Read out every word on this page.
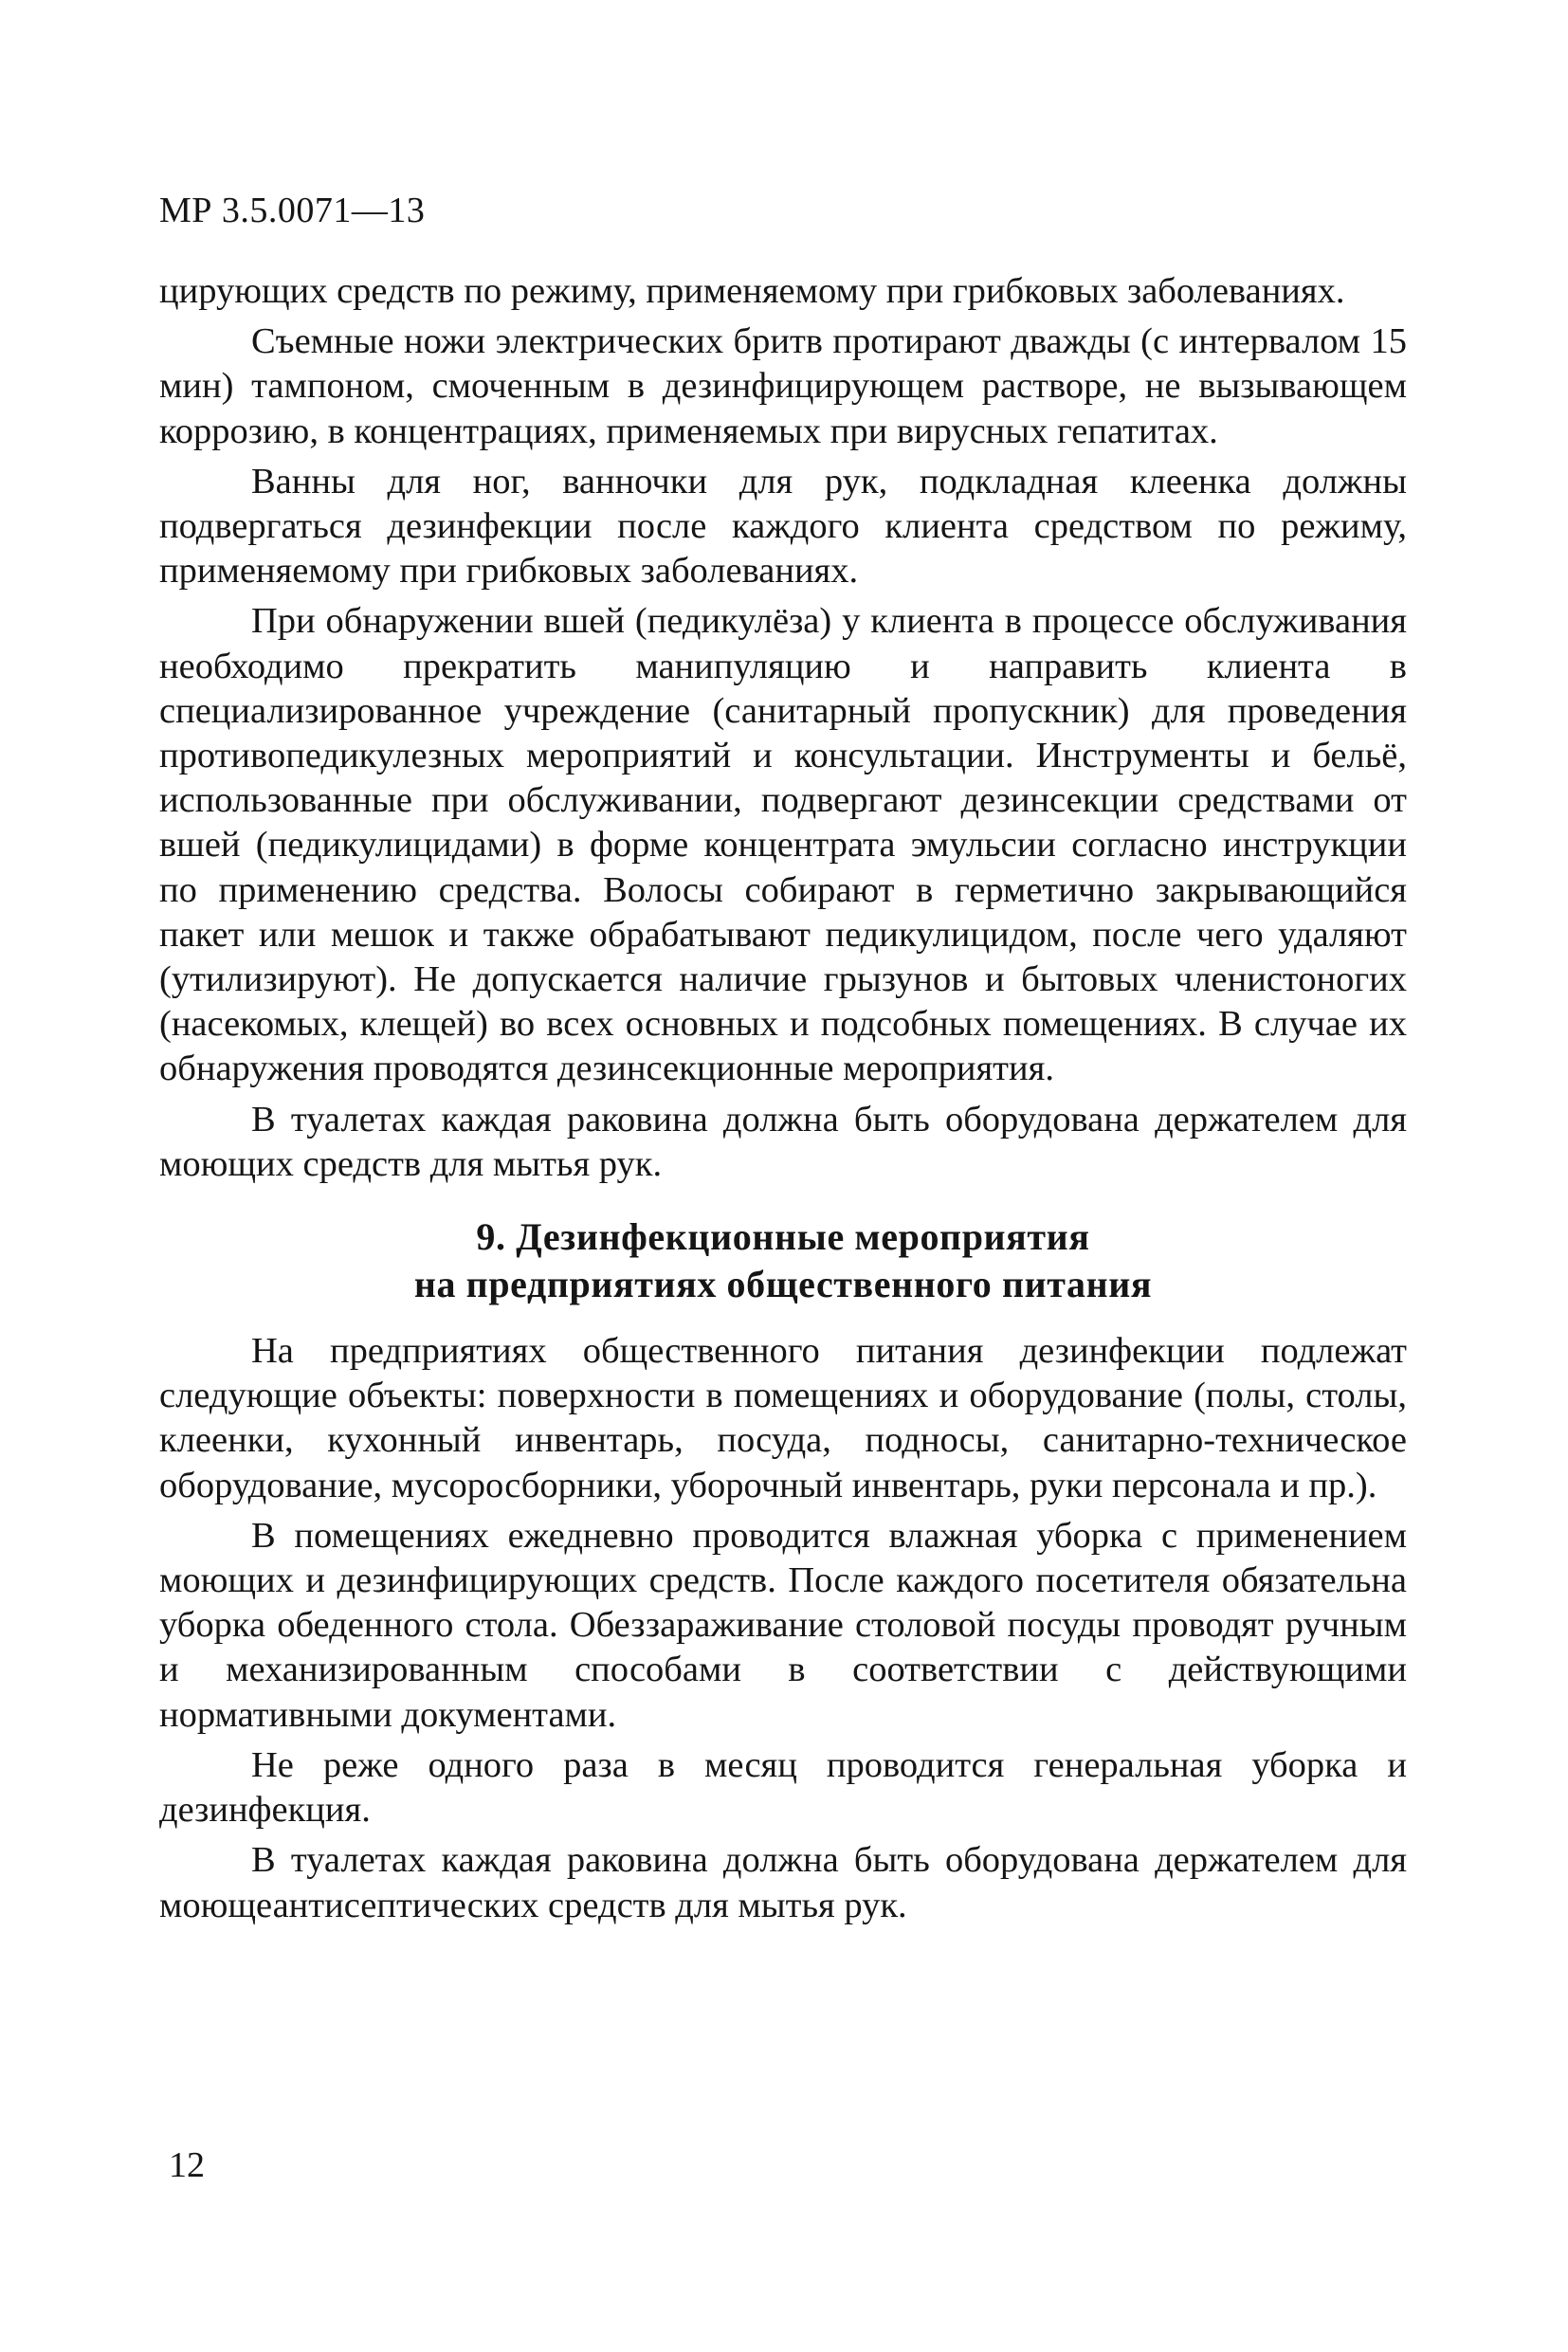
МР 3.5.0071—13

цирующих средств по режиму, применяемому при грибковых заболеваниях.

Съемные ножи электрических бритв протирают дважды (с интервалом 15 мин) тампоном, смоченным в дезинфицирующем растворе, не вызывающем коррозию, в концентрациях, применяемых при вирусных гепатитах.

Ванны для ног, ванночки для рук, подкладная клеенка должны подвергаться дезинфекции после каждого клиента средством по режиму, применяемому при грибковых заболеваниях.

При обнаружении вшей (педикулёза) у клиента в процессе обслуживания необходимо прекратить манипуляцию и направить клиента в специализированное учреждение (санитарный пропускник) для проведения противопедикулезных мероприятий и консультации. Инструменты и бельё, использованные при обслуживании, подвергают дезинсекции средствами от вшей (педикулицидами) в форме концентрата эмульсии согласно инструкции по применению средства. Волосы собирают в герметично закрывающийся пакет или мешок и также обрабатывают педикулицидом, после чего удаляют (утилизируют). Не допускается наличие грызунов и бытовых членистоногих (насекомых, клещей) во всех основных и подсобных помещениях. В случае их обнаружения проводятся дезинсекционные мероприятия.

В туалетах каждая раковина должна быть оборудована держателем для моющих средств для мытья рук.

9. Дезинфекционные мероприятия
на предприятиях общественного питания

На предприятиях общественного питания дезинфекции подлежат следующие объекты: поверхности в помещениях и оборудование (полы, столы, клеенки, кухонный инвентарь, посуда, подносы, санитарно-техническое оборудование, мусоросборники, уборочный инвентарь, руки персонала и пр.).

В помещениях ежедневно проводится влажная уборка с применением моющих и дезинфицирующих средств. После каждого посетителя обязательна уборка обеденного стола. Обеззараживание столовой посуды проводят ручным и механизированным способами в соответствии с действующими нормативными документами.

Не реже одного раза в месяц проводится генеральная уборка и дезинфекция.

В туалетах каждая раковина должна быть оборудована держателем для моющеантисептических средств для мытья рук.

12
